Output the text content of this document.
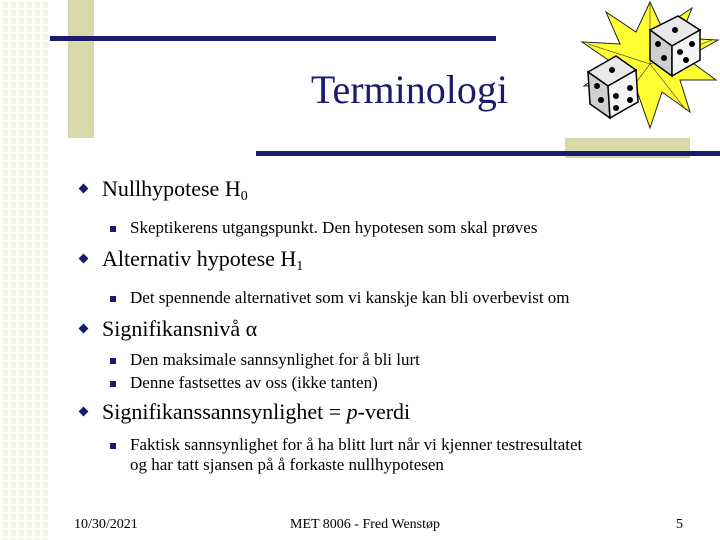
Terminologi
Nullhypotese $H_0$
Skeptikerens utgangspunkt. Den hypotesen som skal prøves
Alternativ hypotese $H_1$
Det spennende alternativet som vi kanskje kan bli overbevist om
Signifikansnivå α
Den maksimale sannsynlighet for å bli lurt
Denne fastsettes av oss (ikke tanten)
Signifikanssannsynlighet = p-verdi
Faktisk sannsynlighet for å ha blitt lurt når vi kjenner testresultatet
og har tatt sjansen på å forkaste nullhypotesen
10/30/2021	MET 8006 - Fred Wenstøp	5
